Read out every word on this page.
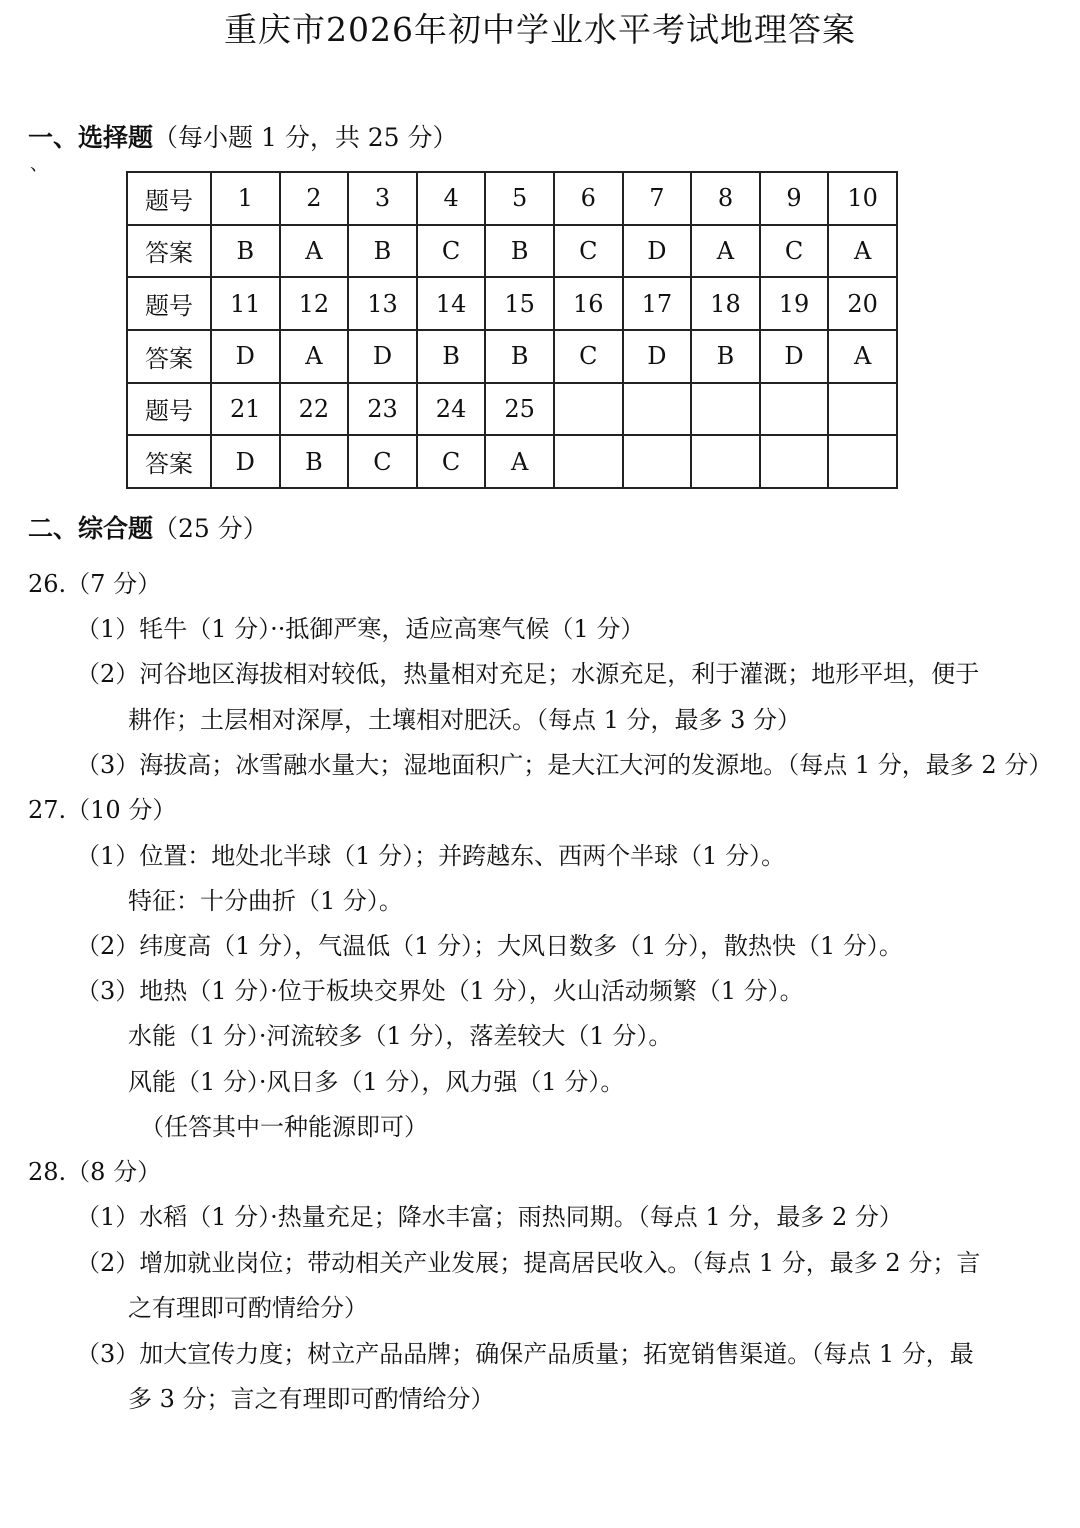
重庆市2026年初中学业水平考试地理答案
一、选择题（每小题 1 分，共 25 分）
、
题号	1	2	3	4	5	6	7	8	9	10
答案	B	A	B	C	B	C	D	A	C	A
题号	11	12	13	14	15	16	17	18	19	20
答案	D	A	D	B	B	C	D	B	D	A
题号	21	22	23	24	25					
答案	D	B	C	C	A					
二、综合题（25 分）
26.（7 分）
（1）牦牛（1 分）··抵御严寒，适应高寒气候（1 分）
（2）河谷地区海拔相对较低，热量相对充足；水源充足，利于灌溉；地形平坦，便于
耕作；土层相对深厚，土壤相对肥沃。（每点 1 分，最多 3 分）
（3）海拔高；冰雪融水量大；湿地面积广；是大江大河的发源地。（每点 1 分，最多 2 分）
27.（10 分）
（1）位置：地处北半球（1 分）；并跨越东、西两个半球（1 分）。
特征：十分曲折（1 分）。
（2）纬度高（1 分），气温低（1 分）；大风日数多（1 分），散热快（1 分）。
（3）地热（1 分）·位于板块交界处（1 分），火山活动频繁（1 分）。
水能（1 分）·河流较多（1 分），落差较大（1 分）。
风能（1 分）·风日多（1 分），风力强（1 分）。
（任答其中一种能源即可）
28.（8 分）
（1）水稻（1 分）·热量充足；降水丰富；雨热同期。（每点 1 分，最多 2 分）
（2）增加就业岗位；带动相关产业发展；提高居民收入。（每点 1 分，最多 2 分；言
之有理即可酌情给分）
（3）加大宣传力度；树立产品品牌；确保产品质量；拓宽销售渠道。（每点 1 分，最
多 3 分；言之有理即可酌情给分）
